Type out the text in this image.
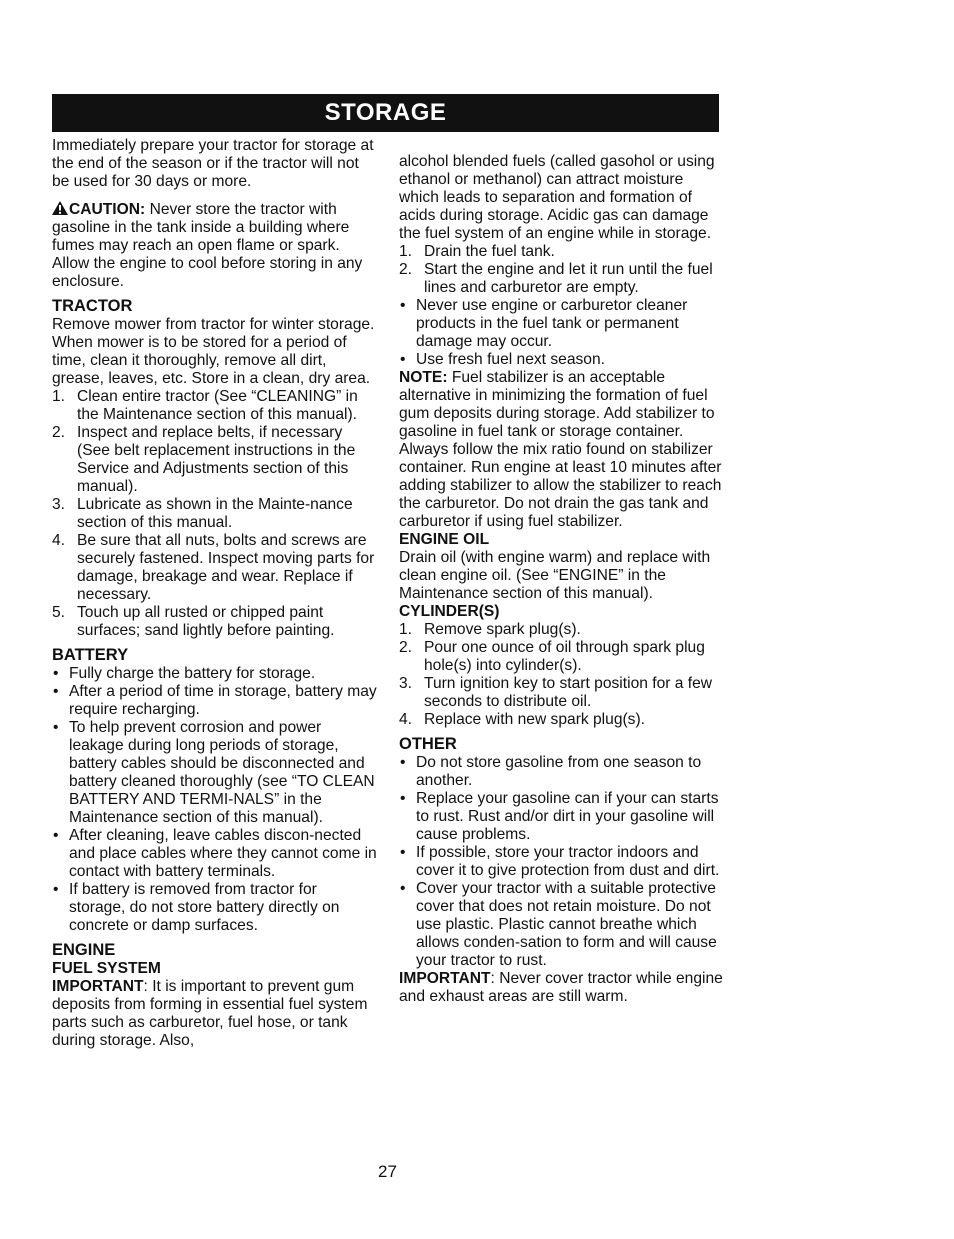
STORAGE

Immediately prepare your tractor for storage at the end of the season or if the tractor will not be used for 30 days or more.

CAUTION: Never store the tractor with gasoline in the tank inside a building where fumes may reach an open flame or spark. Allow the engine to cool before storing in any enclosure.

TRACTOR

Remove mower from tractor for winter storage. When mower is to be stored for a period of time, clean it thoroughly, remove all dirt, grease, leaves, etc. Store in a clean, dry area.

1. Clean entire tractor (See “CLEANING” in the Maintenance section of this manual).
2. Inspect and replace belts, if necessary (See belt replacement instructions in the Service and Adjustments section of this manual).
3. Lubricate as shown in the Mainte-nance section of this manual.
4. Be sure that all nuts, bolts and screws are securely fastened. Inspect moving parts for damage, breakage and wear. Replace if necessary.
5. Touch up all rusted or chipped paint surfaces; sand lightly before painting.
BATTERY
• Fully charge the battery for storage.
• After a period of time in storage, battery may require recharging.
• To help prevent corrosion and power leakage during long periods of storage, battery cables should be disconnected and battery cleaned thoroughly (see “TO CLEAN BATTERY AND TERMI-NALS” in the Maintenance section of this manual).
• After cleaning, leave cables discon-nected and place cables where they cannot come in contact with battery terminals.
• If battery is removed from tractor for storage, do not store battery directly on concrete or damp surfaces.
ENGINE
FUEL SYSTEM

IMPORTANT: It is important to prevent gum deposits from forming in essential fuel system parts such as carburetor, fuel hose, or tank during storage. Also,

alcohol blended fuels (called gasohol or using ethanol or methanol) can attract moisture which leads to separation and formation of acids during storage. Acidic gas can damage the fuel system of an engine while in storage.

1. Drain the fuel tank.
2. Start the engine and let it run until the fuel lines and carburetor are empty.
• Never use engine or carburetor cleaner products in the fuel tank or permanent damage may occur.
• Use fresh fuel next season.

NOTE: Fuel stabilizer is an acceptable alternative in minimizing the formation of fuel gum deposits during storage. Add stabilizer to gasoline in fuel tank or storage container. Always follow the mix ratio found on stabilizer container. Run engine at least 10 minutes after adding stabilizer to allow the stabilizer to reach the carburetor. Do not drain the gas tank and carburetor if using fuel stabilizer.

ENGINE OIL

Drain oil (with engine warm) and replace with clean engine oil. (See “ENGINE” in the Maintenance section of this manual).

CYLINDER(S)
1. Remove spark plug(s).
2. Pour one ounce of oil through spark plug hole(s) into cylinder(s).
3. Turn ignition key to start position for a few seconds to distribute oil.
4. Replace with new spark plug(s).
OTHER
• Do not store gasoline from one season to another.
• Replace your gasoline can if your can starts to rust. Rust and/or dirt in your gasoline will cause problems.
• If possible, store your tractor indoors and cover it to give protection from dust and dirt.
• Cover your tractor with a suitable protective cover that does not retain moisture. Do not use plastic. Plastic cannot breathe which allows conden-sation to form and will cause your tractor to rust.

IMPORTANT: Never cover tractor while engine and exhaust areas are still warm.

27
